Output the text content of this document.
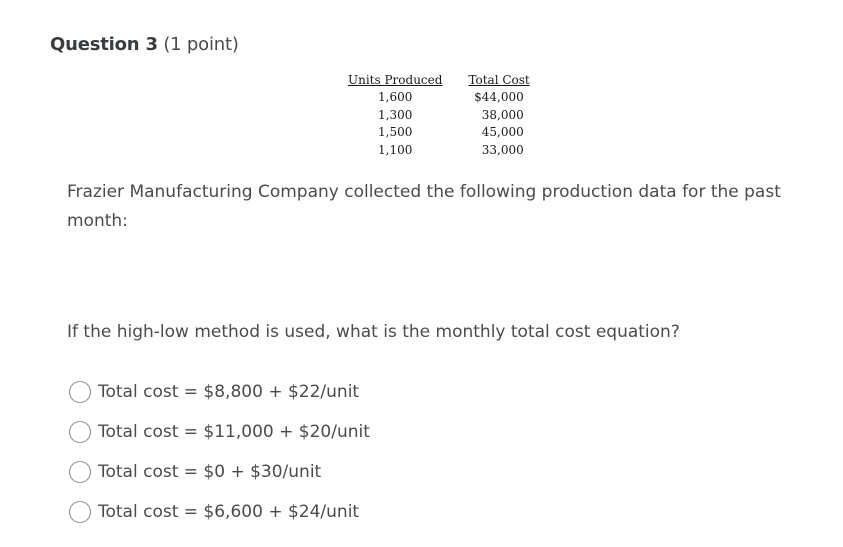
Question 3 (1 point)
Units Produced	Total Cost
1,600	$44,000
1,300	38,000
1,500	45,000
1,100	33,000
Frazier Manufacturing Company collected the following production data for the past month:
If the high-low method is used, what is the monthly total cost equation?
Total cost = $8,800 + $22/unit
Total cost = $11,000 + $20/unit
Total cost = $0 + $30/unit
Total cost = $6,600 + $24/unit
